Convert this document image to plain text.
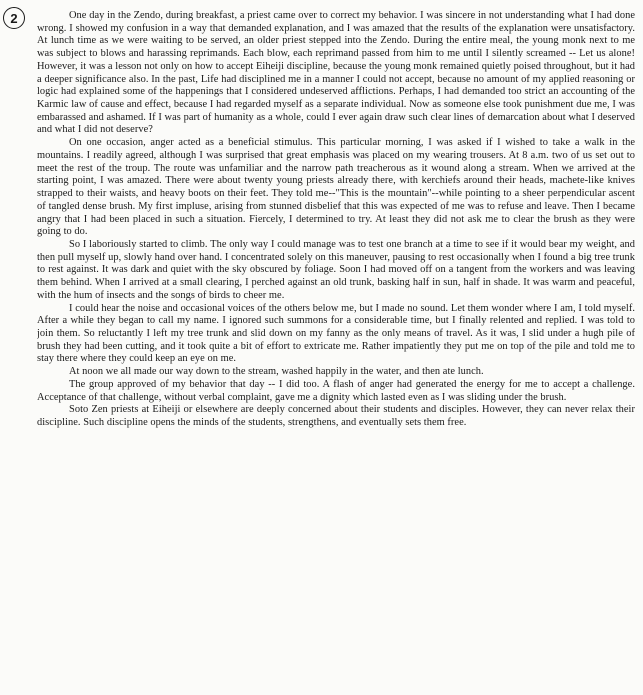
2	One day in the Zendo, during breakfast, a priest came over to correct my behavior. I was sincere in not understanding what I had done wrong. I showed my confusion in a way that demanded explanation, and I was amazed that the results of the explanation were unsatisfactory. At lunch time as we were waiting to be served, an older priest stepped into the Zendo. During the entire meal, the young monk next to me was subject to blows and harassing reprimands. Each blow, each reprimand passed from him to me until I silently screamed -- Let us alone! However, it was a lesson not only on how to accept Eiheiji discipline, because the young monk remained quietly poised throughout, but it had a deeper significance also. In the past, Life had disciplined me in a manner I could not accept, because no amount of my applied reasoning or logic had explained some of the happenings that I considered undeserved afflictions. Perhaps, I had demanded too strict an accounting of the Karmic law of cause and effect, because I had regarded myself as a separate individual. Now as someone else took punishment due me, I was embarassed and ashamed. If I was part of humanity as a whole, could I ever again draw such clear lines of demarcation about what I deserved and what I did not deserve?

On one occasion, anger acted as a beneficial stimulus. This particular morning, I was asked if I wished to take a walk in the mountains. I readily agreed, although I was surprised that great emphasis was placed on my wearing trousers. At 8 a.m. two of us set out to meet the rest of the troup. The route was unfamiliar and the narrow path treacherous as it wound along a stream. When we arrived at the starting point, I was amazed. There were about twenty young priests already there, with kerchiefs around their heads, machete-like knives strapped to their waists, and heavy boots on their feet. They told me--"This is the mountain"--while pointing to a sheer perpendicular ascent of tangled dense brush. My first impluse, arising from stunned disbelief that this was expected of me was to refuse and leave. Then I became angry that I had been placed in such a situation. Fiercely, I determined to try. At least they did not ask me to clear the brush as they were going to do.

So I laboriously started to climb. The only way I could manage was to test one branch at a time to see if it would bear my weight, and then pull myself up, slowly hand over hand. I concentrated solely on this maneuver, pausing to rest occasionally when I found a big tree trunk to rest against. It was dark and quiet with the sky obscured by foliage. Soon I had moved off on a tangent from the workers and was leaving them behind. When I arrived at a small clearing, I perched against an old trunk, basking half in sun, half in shade. It was warm and peaceful, with the hum of insects and the songs of birds to cheer me.

I could hear the noise and occasional voices of the others below me, but I made no sound. Let them wonder where I am, I told myself. After a while they began to call my name. I ignored such summons for a considerable time, but I finally relented and replied. I was told to join them. So reluctantly I left my tree trunk and slid down on my fanny as the only means of travel. As it was, I slid under a hugh pile of brush they had been cutting, and it took quite a bit of effort to extricate me. Rather impatiently they put me on top of the pile and told me to stay there where they could keep an eye on me.

At noon we all made our way down to the stream, washed happily in the water, and then ate lunch.

The group approved of my behavior that day -- I did too. A flash of anger had generated the energy for me to accept a challenge. Acceptance of that challenge, without verbal complaint, gave me a dignity which lasted even as I was sliding under the brush.

Soto Zen priests at Eiheiji or elsewhere are deeply concerned about their students and disciples. However, they can never relax their discipline. Such discipline opens the minds of the students, strengthens, and eventually sets them free.
